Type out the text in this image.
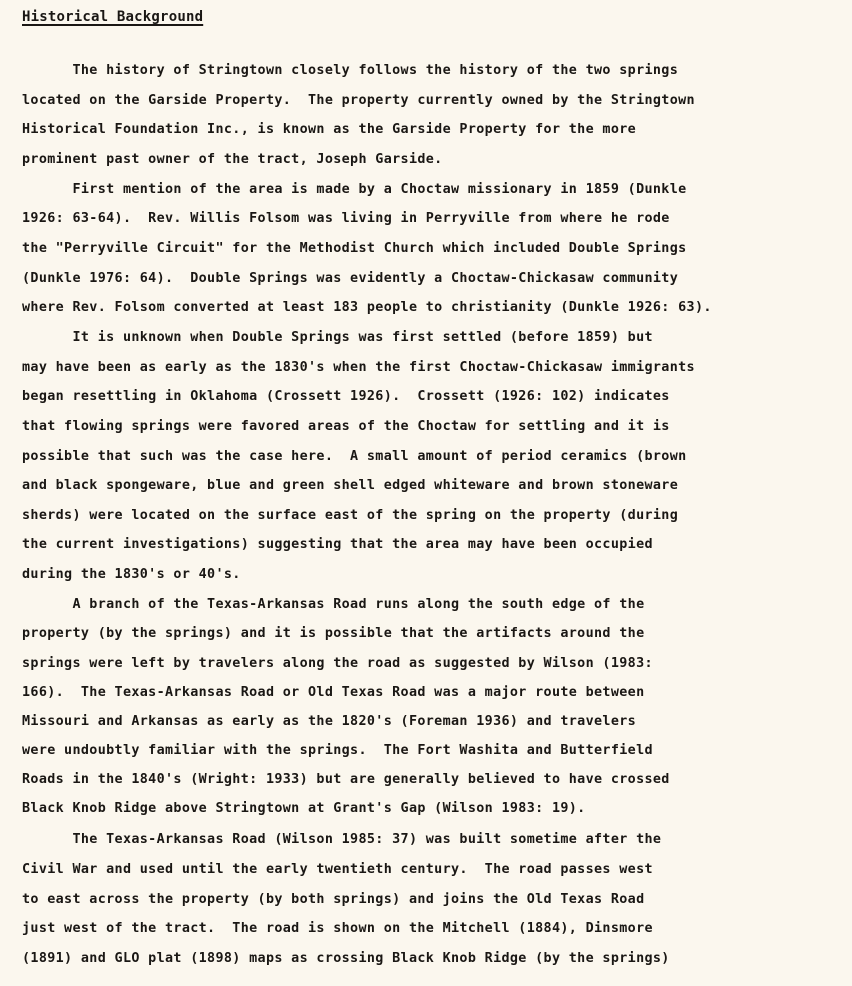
Historical Background
The history of Stringtown closely follows the history of the two springs
located on the Garside Property.  The property currently owned by the Stringtown
Historical Foundation Inc., is known as the Garside Property for the more
prominent past owner of the tract, Joseph Garside.
First mention of the area is made by a Choctaw missionary in 1859 (Dunkle
1926: 63-64).  Rev. Willis Folsom was living in Perryville from where he rode
the "Perryville Circuit" for the Methodist Church which included Double Springs
(Dunkle 1976: 64).  Double Springs was evidently a Choctaw-Chickasaw community
where Rev. Folsom converted at least 183 people to christianity (Dunkle 1926: 63).
It is unknown when Double Springs was first settled (before 1859) but
may have been as early as the 1830's when the first Choctaw-Chickasaw immigrants
began resettling in Oklahoma (Crossett 1926).  Crossett (1926: 102) indicates
that flowing springs were favored areas of the Choctaw for settling and it is
possible that such was the case here.  A small amount of period ceramics (brown
and black spongeware, blue and green shell edged whiteware and brown stoneware
sherds) were located on the surface east of the spring on the property (during
the current investigations) suggesting that the area may have been occupied
during the 1830's or 40's.
A branch of the Texas-Arkansas Road runs along the south edge of the
property (by the springs) and it is possible that the artifacts around the
springs were left by travelers along the road as suggested by Wilson (1983:
166).  The Texas-Arkansas Road or Old Texas Road was a major route between
Missouri and Arkansas as early as the 1820's (Foreman 1936) and travelers
were undoubtly familiar with the springs.  The Fort Washita and Butterfield
Roads in the 1840's (Wright: 1933) but are generally believed to have crossed
Black Knob Ridge above Stringtown at Grant's Gap (Wilson 1983: 19).
The Texas-Arkansas Road (Wilson 1985: 37) was built sometime after the
Civil War and used until the early twentieth century.  The road passes west
to east across the property (by both springs) and joins the Old Texas Road
just west of the tract.  The road is shown on the Mitchell (1884), Dinsmore
(1891) and GLO plat (1898) maps as crossing Black Knob Ridge (by the springs)
